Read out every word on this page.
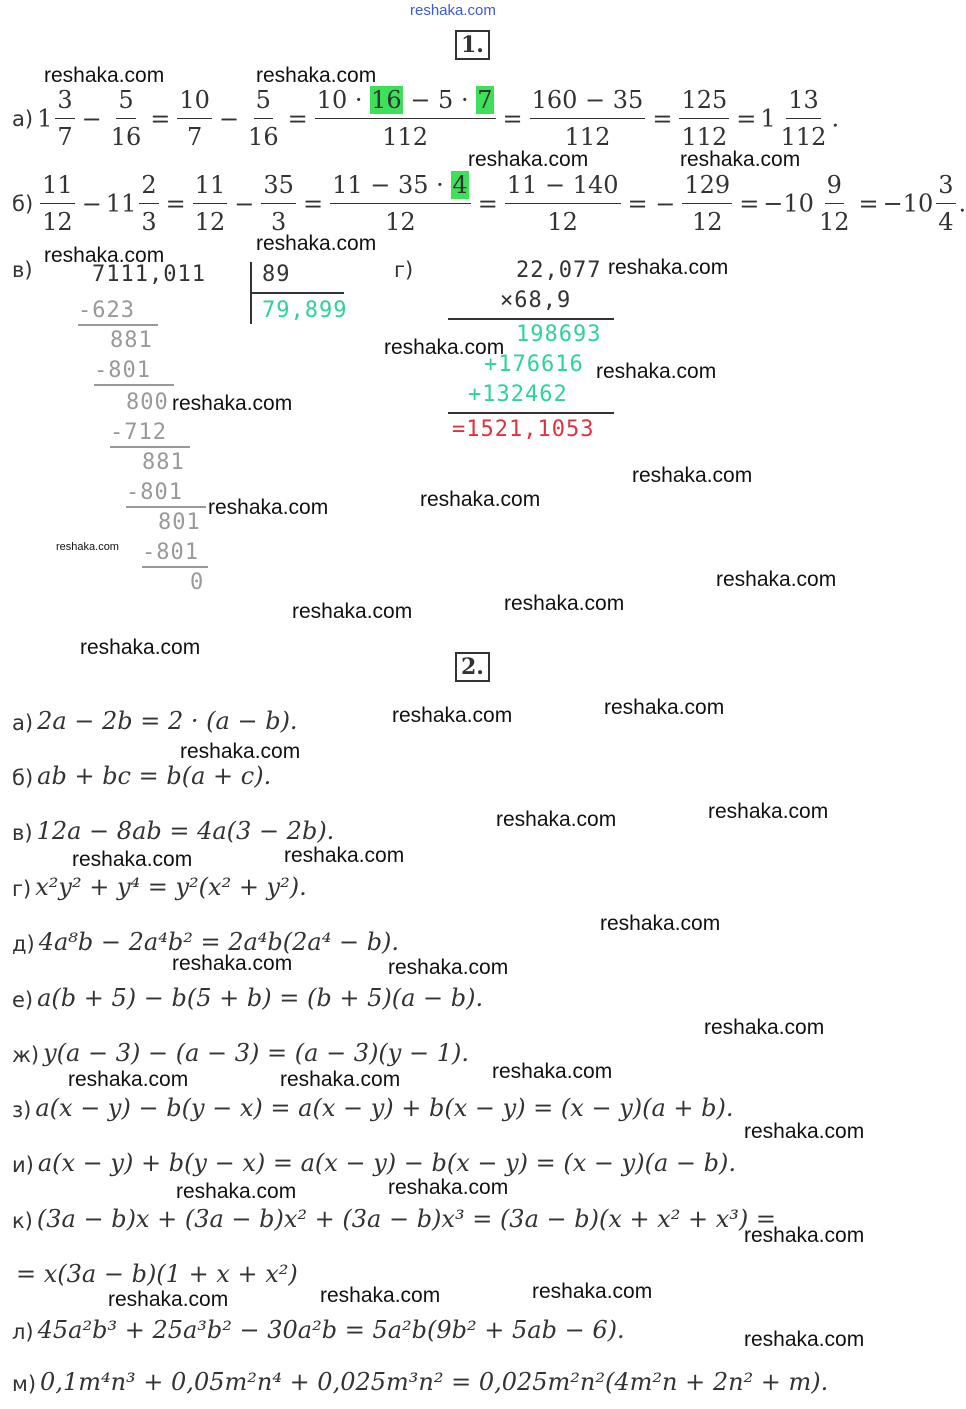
reshaka.com
1.
а) $1 \frac{3}{7} - \frac{5}{16} = \frac{10}{7} - \frac{5}{16} = \frac{10 \cdot 16 - 5 \cdot 7}{112} = \frac{160 - 35}{112} = \frac{125}{112} = 1 \frac{13}{112}$ .
$б) \frac{11}{12} - 11 \frac{2}{3} = \frac{11}{12} - \frac{35}{3} = \frac{11 - 35 \cdot 4}{12} = \frac{11 - 140}{12}$ = − $\frac{129}{12} = -10 \frac{9}{12} = -10 \frac{3}{4}$ .
в)	7111,011	89
79,899
-623
881
-801
800
-712
881
-801
801
-801
0
г)	22,077
×68,9
198693
+176616
+132462
=1521,1053
2.
а) 2a − 2b = 2 · (a − b).
б) ab + bc = b(a + c).
в) 12a − 8ab = 4a(3 − 2b).
г) x²y² + y⁴ = y²(x² + y²).
д) 4a⁸b − 2a⁴b² = 2a⁴b(2a⁴ − b).
е) a(b + 5) − b(5 + b) = (b + 5)(a − b).
ж) y(a − 3) − (a − 3) = (a − 3)(y − 1).
з) a(x − y) − b(y − x) = a(x − y) + b(x − y) = (x − y)(a + b).
и) a(x − y) + b(y − x) = a(x − y) − b(x − y) = (x − y)(a − b).
к) (3a − b)x + (3a − b)x² + (3a − b)x³ = (3a − b)(x + x² + x³) =
= x(3a − b)(1 + x + x²)
л) 45a²b³ + 25a³b² − 30a²b = 5a²b(9b² + 5ab − 6).
м) 0,1m⁴n³ + 0,05m²n⁴ + 0,025m³n² = 0,025m²n²(4m²n + 2n² + m).
reshaka.com	reshaka.com
reshaka.com	reshaka.com
reshaka.com
reshaka.com
reshaka.com
reshaka.com
reshaka.com
reshaka.com
reshaka.com
reshaka.com
reshaka.com
reshaka.com
reshaka.com
reshaka.com
reshaka.com
reshaka.com
reshaka.com
reshaka.com
reshaka.com
reshaka.com
reshaka.com
reshaka.com
reshaka.com
reshaka.com
reshaka.com	reshaka.com
reshaka.com
reshaka.com
reshaka.com	reshaka.com
reshaka.com
reshaka.com
reshaka.com
reshaka.com
reshaka.com
reshaka.com
reshaka.com
reshaka.com
